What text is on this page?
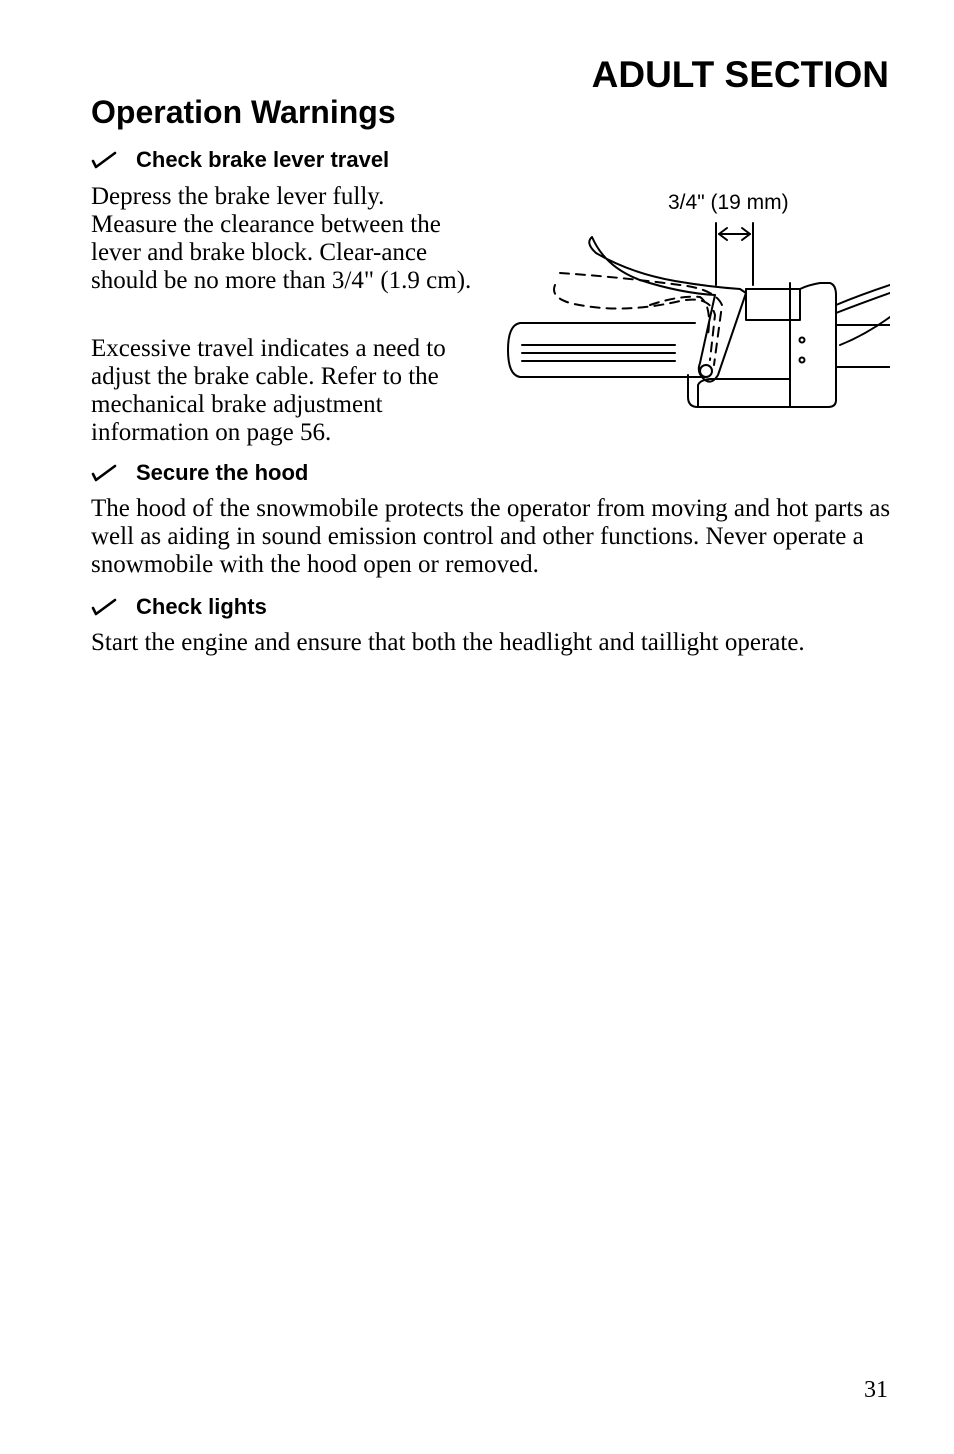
ADULT SECTION
Operation Warnings
Check brake lever travel

Depress the brake lever fully. Measure the clearance between the lever and brake block. Clear-ance should be no more than 3/4" (1.9 cm).

Excessive travel indicates a need to adjust the brake cable. Refer to the mechanical brake adjustment information on page 56.

3/4" (19 mm)
Secure the hood

The hood of the snowmobile protects the operator from moving and hot parts as well as aiding in sound emission control and other functions. Never operate a snowmobile with the hood open or removed.

Check lights

Start the engine and ensure that both the headlight and taillight operate.

31
